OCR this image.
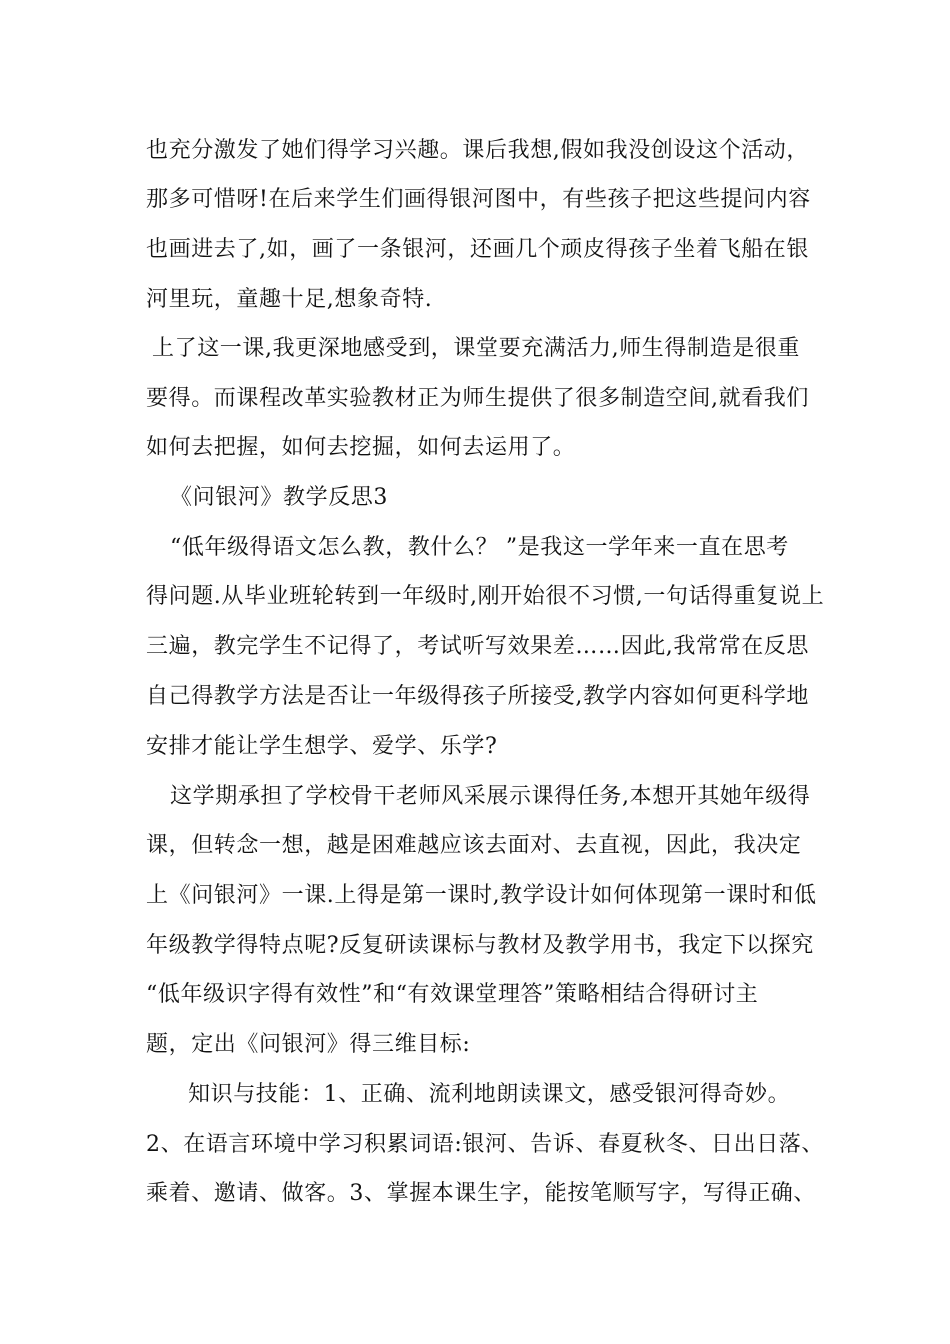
也充分激发了她们得学习兴趣。课后我想,假如我没创设这个活动，
那多可惜呀!在后来学生们画得银河图中，有些孩子把这些提问内容
也画进去了,如，画了一条银河，还画几个顽皮得孩子坐着飞船在银
河里玩，童趣十足,想象奇特.
上了这一课,我更深地感受到，课堂要充满活力,师生得制造是很重
要得。而课程改革实验教材正为师生提供了很多制造空间,就看我们
如何去把握，如何去挖掘，如何去运用了。
《问银河》教学反思3
“低年级得语文怎么教，教什么？ ”是我这一学年来一直在思考
得问题.从毕业班轮转到一年级时,刚开始很不习惯,一句话得重复说上
三遍，教完学生不记得了，考试听写效果差……因此,我常常在反思
自己得教学方法是否让一年级得孩子所接受,教学内容如何更科学地
安排才能让学生想学、爱学、乐学?
这学期承担了学校骨干老师风采展示课得任务,本想开其她年级得
课，但转念一想，越是困难越应该去面对、去直视，因此，我决定
上《问银河》一课.上得是第一课时,教学设计如何体现第一课时和低
年级教学得特点呢?反复研读课标与教材及教学用书，我定下以探究
“低年级识字得有效性”和“有效课堂理答”策略相结合得研讨主
题，定出《问银河》得三维目标:
知识与技能：1、正确、流利地朗读课文，感受银河得奇妙。
2、在语言环境中学习积累词语:银河、告诉、春夏秋冬、日出日落、
乘着、邀请、做客。3、掌握本课生字，能按笔顺写字，写得正确、
